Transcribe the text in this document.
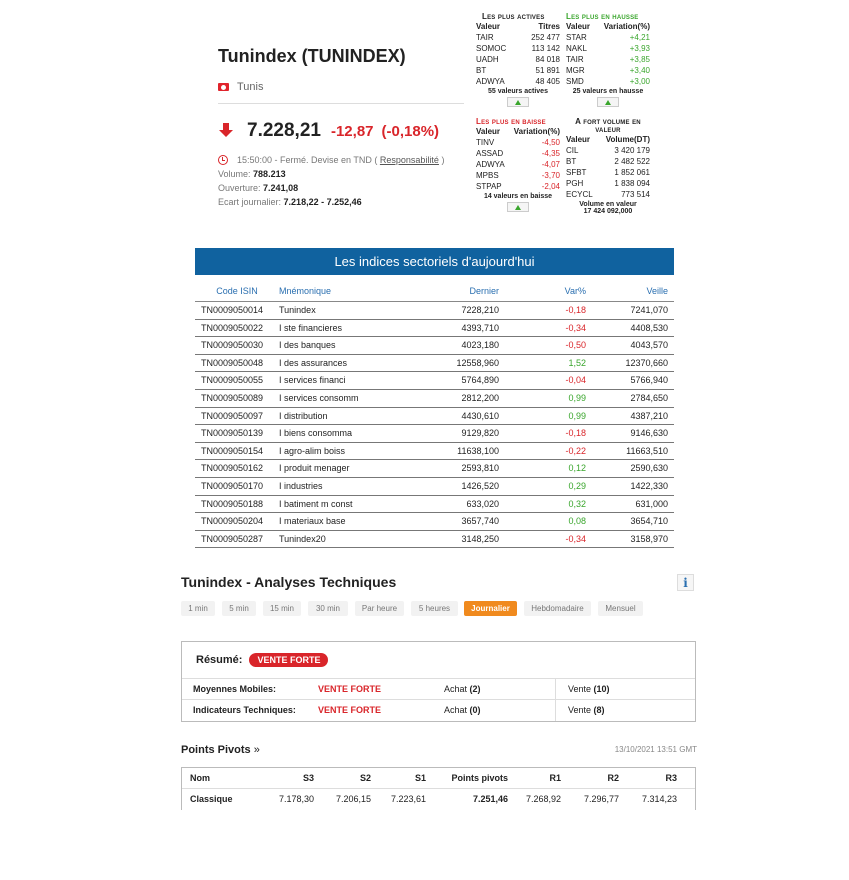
Tunindex (TUNINDEX)
Tunis
7.228,21 -12,87 (-0,18%)
15:50:00 - Fermé. Devise en TND (
Responsabilité
)
Volume: 788.213
Ouverture: 7.241,08
Ecart journalier: 7.218,22 - 7.252,46
Les plus actives
Valeur	Titres
TAIR	252 477
SOMOC	113 142
UADH	84 018
BT	51 891
ADWYA	48 405
55 valeurs actives
Les plus en hausse
Valeur	Variation(%)
STAR	+4,21
NAKL	+3,93
TAIR	+3,85
MGR	+3,40
SMD	+3,00
25 valeurs en hausse
Les plus en baisse
Valeur	Variation(%)
TINV	-4,50
ASSAD	-4,35
ADWYA	-4,07
MPBS	-3,70
STPAP	-2,04
14 valeurs en baisse
A fort volume en
valeur
Valeur	Volume(DT)
CIL	3 420 179
BT	2 482 522
SFBT	1 852 061
PGH	1 838 094
ECYCL	773 514
Volume en valeur
17 424 092,000
Les indices sectoriels d'aujourd'hui
Code ISIN	Mnémonique	Dernier	Var%	Veille
TN0009050014	Tunindex	7228,210	-0,18	7241,070
TN0009050022	I ste financieres	4393,710	-0,34	4408,530
TN0009050030	I des banques	4023,180	-0,50	4043,570
TN0009050048	I des assurances	12558,960	1,52	12370,660
TN0009050055	I services financi	5764,890	-0,04	5766,940
TN0009050089	I services consomm	2812,200	0,99	2784,650
TN0009050097	I distribution	4430,610	0,99	4387,210
TN0009050139	I biens consomma	9129,820	-0,18	9146,630
TN0009050154	I agro-alim boiss	11638,100	-0,22	11663,510
TN0009050162	I produit menager	2593,810	0,12	2590,630
TN0009050170	I industries	1426,520	0,29	1422,330
TN0009050188	I batiment m const	633,020	0,32	631,000
TN0009050204	I materiaux base	3657,740	0,08	3654,710
TN0009050287	Tunindex20	3148,250	-0,34	3158,970
Tunindex - Analyses Techniques	i
1 min	5 min	15 min	30 min	Par heure	5 heures	Journalier	Hebdomadaire	Mensuel
Résumé:	VENTE FORTE
Moyennes Mobiles:	VENTE FORTE	Achat (2)	Vente (10)
Indicateurs Techniques:	VENTE FORTE	Achat (0)	Vente (8)
Points Pivots »	13/10/2021 13:51 GMT
Nom	S3	S2	S1	Points pivots	R1	R2	R3
Classique	7.178,30	7.206,15	7.223,61	7.251,46	7.268,92	7.296,77	7.314,23
